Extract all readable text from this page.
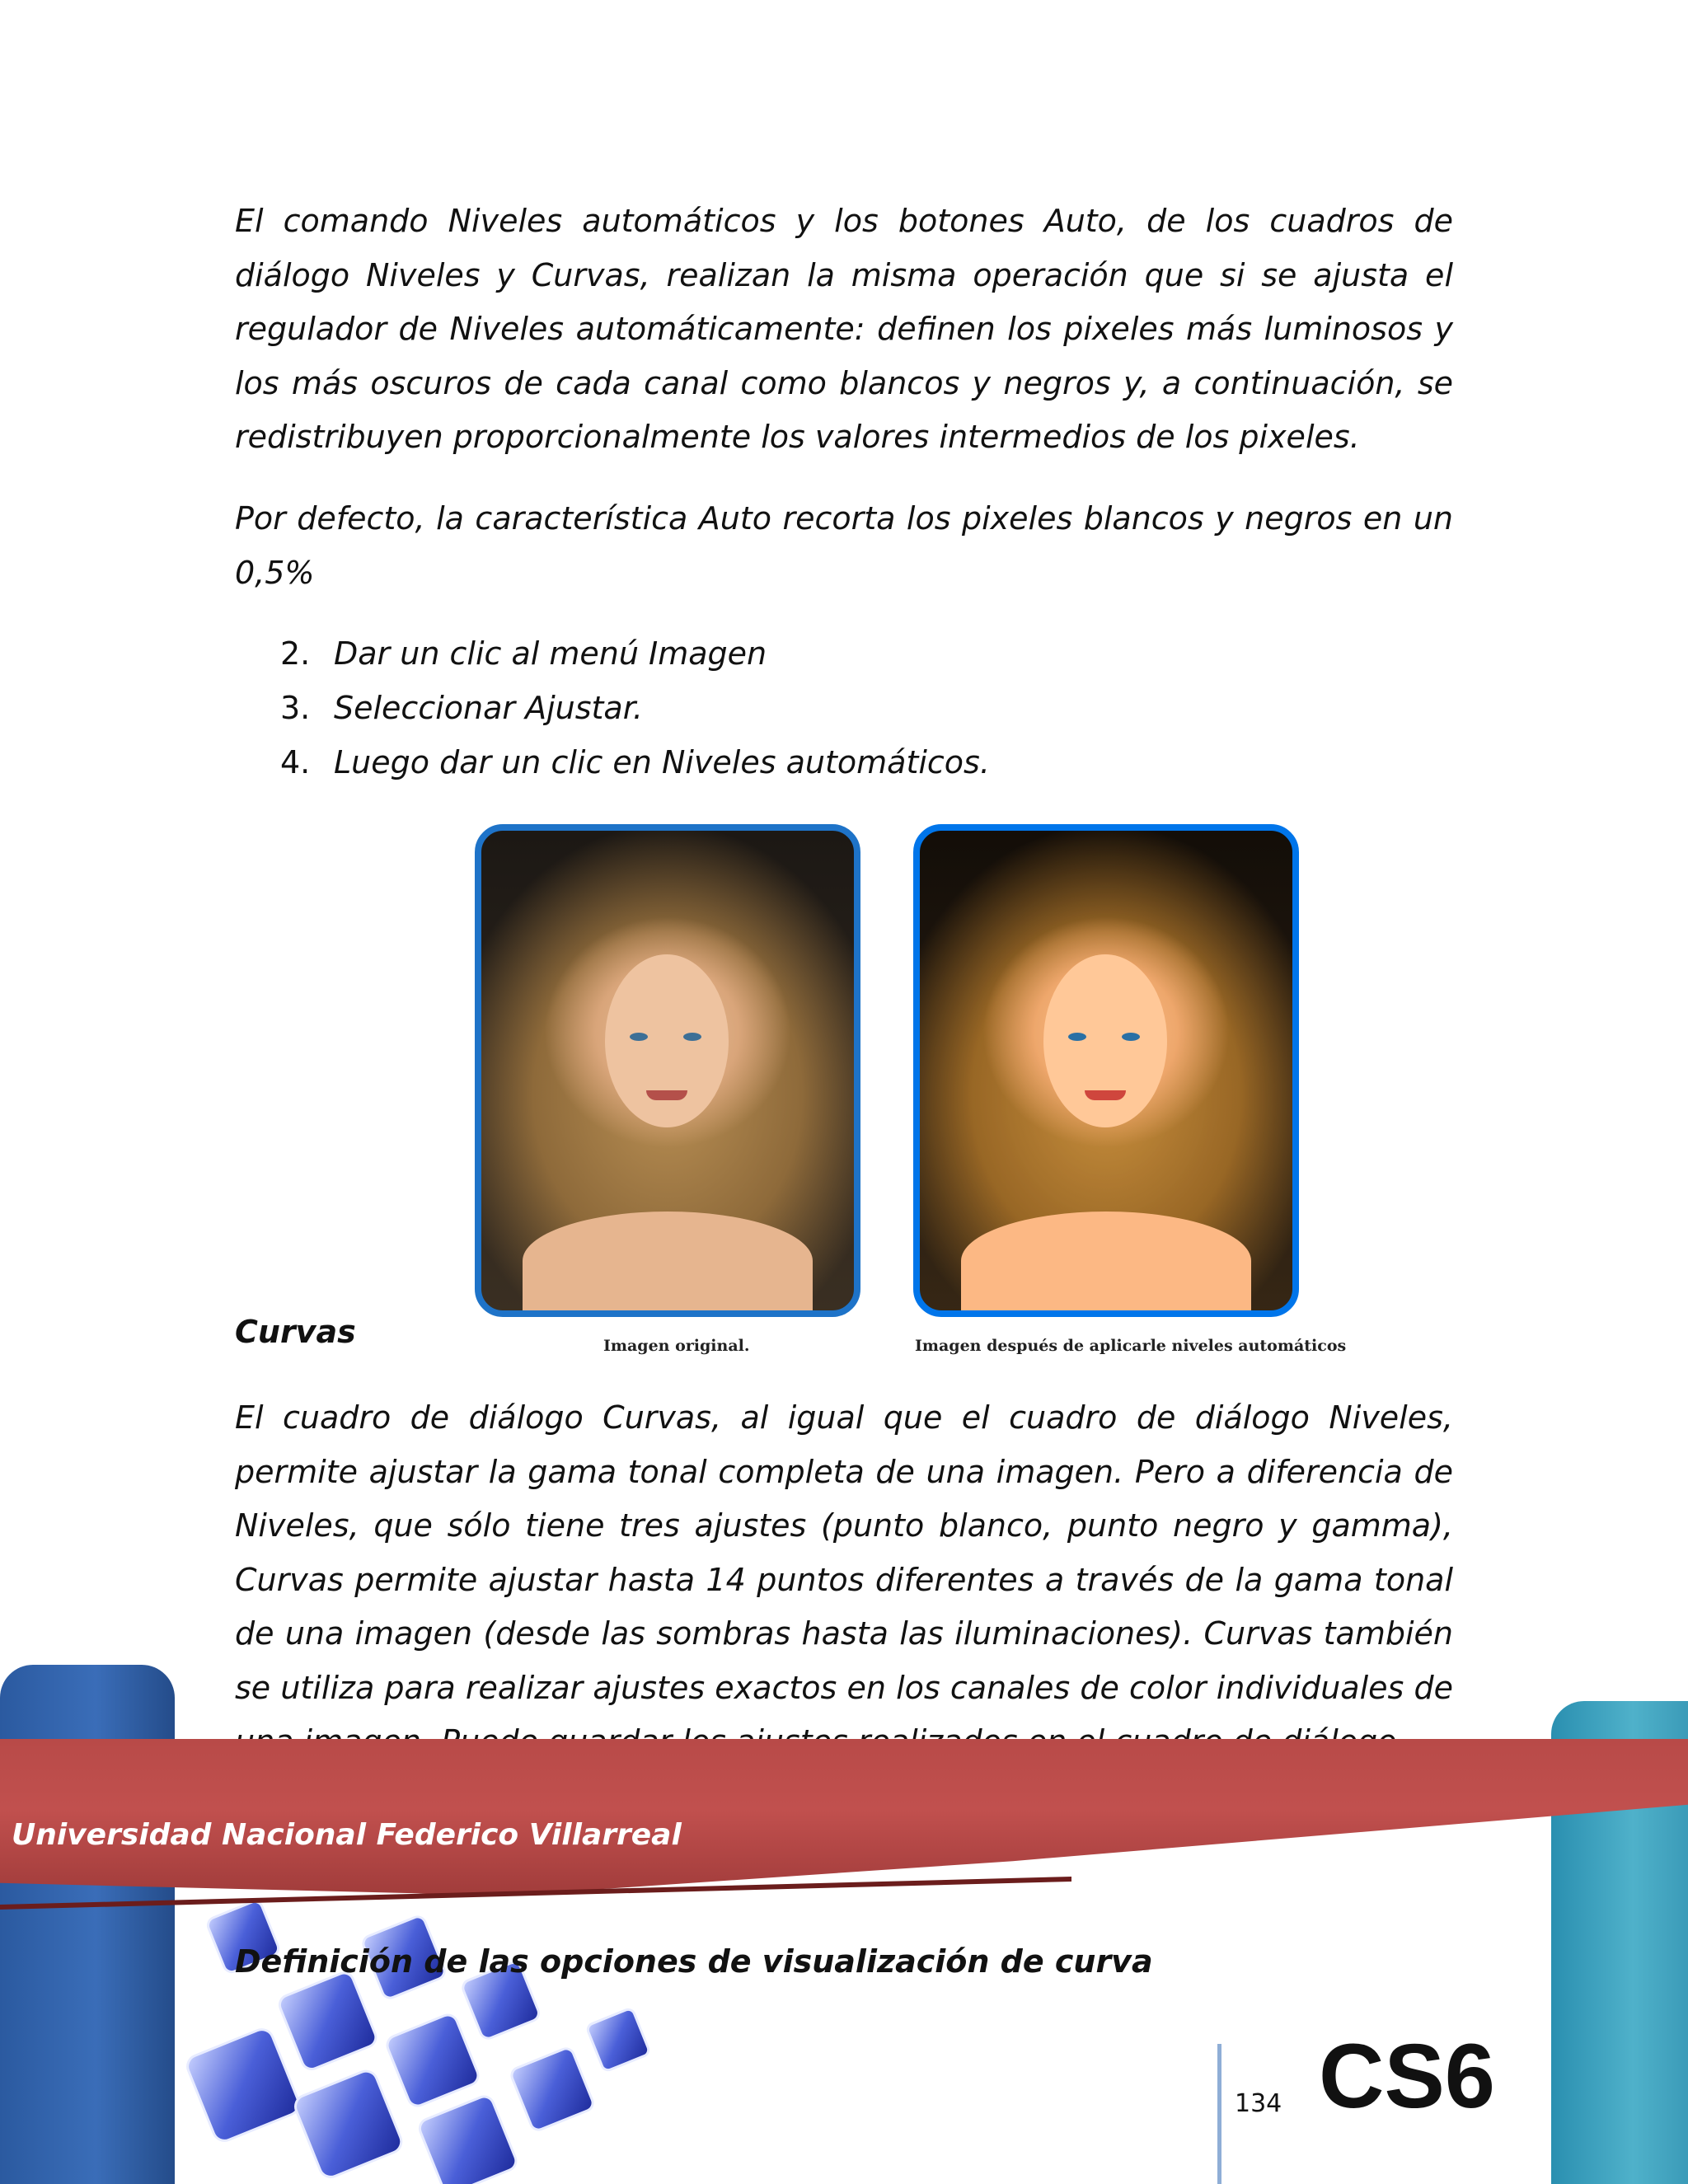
El comando Niveles automáticos y los botones Auto, de los cuadros de diálogo Niveles y Curvas, realizan la misma operación que si se ajusta el regulador de Niveles automáticamente: definen los pixeles más luminosos y los más oscuros de cada canal como blancos y negros y, a continuación, se redistribuyen proporcionalmente los valores intermedios de los pixeles.

Por defecto, la característica Auto recorta los pixeles blancos y negros en un 0,5%

2. Dar un clic al menú Imagen
3. Seleccionar Ajustar.
4. Luego dar un clic en Niveles automáticos.
Imagen original.	Imagen después de aplicarle niveles automáticos
Curvas

El cuadro de diálogo Curvas, al igual que el cuadro de diálogo Niveles, permite ajustar la gama tonal completa de una imagen. Pero a diferencia de Niveles, que sólo tiene tres ajustes (punto blanco, punto negro y gamma), Curvas permite ajustar hasta 14 puntos diferentes a través de la gama tonal de una imagen (desde las sombras hasta las iluminaciones). Curvas también se utiliza para realizar ajustes exactos en los canales de color individuales de

Universidad Nacional Federico Villarreal
Definición de las opciones de visualización de curva
134 CS6
